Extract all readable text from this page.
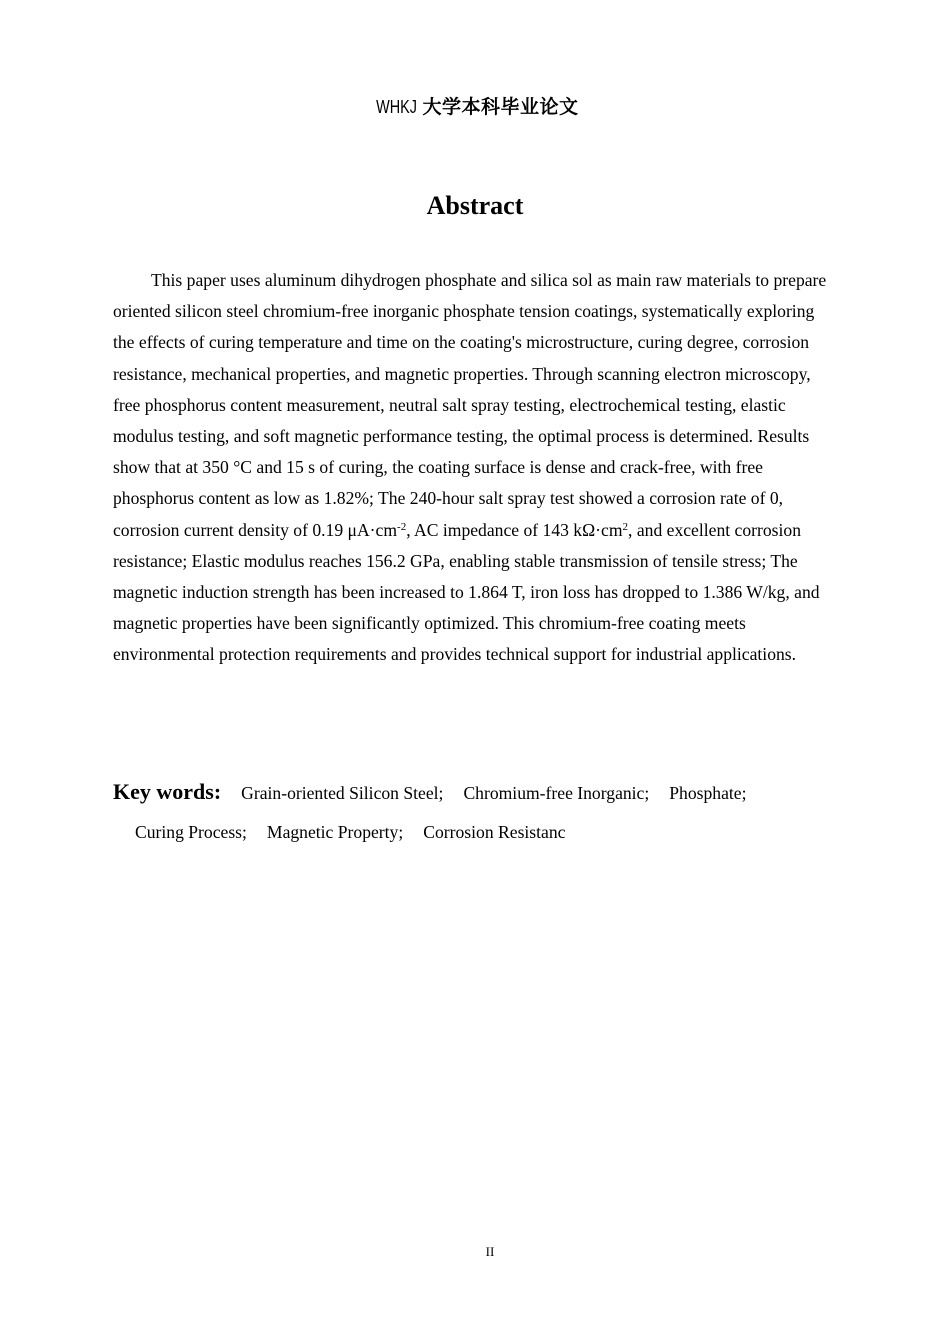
WHKJ 大学本科毕业论文
Abstract

This paper uses aluminum dihydrogen phosphate and silica sol as main raw materials to prepare oriented silicon steel chromium-free inorganic phosphate tension coatings, systematically exploring the effects of curing temperature and time on the coating's microstructure, curing degree, corrosion resistance, mechanical properties, and magnetic properties. Through scanning electron microscopy, free phosphorus content measurement, neutral salt spray testing, electrochemical testing, elastic modulus testing, and soft magnetic performance testing, the optimal process is determined. Results show that at 350 °C and 15 s of curing, the coating surface is dense and crack-free, with free phosphorus content as low as 1.82%; The 240-hour salt spray test showed a corrosion rate of 0, corrosion current density of 0.19 $\mu A\cdot cm^{-2}$, AC impedance of 143 $k\Omega\cdot cm^2$, and excellent corrosion resistance; Elastic modulus reaches 156.2 GPa, enabling stable transmission of tensile stress; The magnetic induction strength has been increased to 1.864 T, iron loss has dropped to 1.386 W/kg, and magnetic properties have been significantly optimized. This chromium-free coating meets environmental protection requirements and provides technical support for industrial applications.

Key words: Grain-oriented Silicon Steel; Chromium-free Inorganic; Phosphate;
Curing Process; Magnetic Property; Corrosion Resistanc

II
